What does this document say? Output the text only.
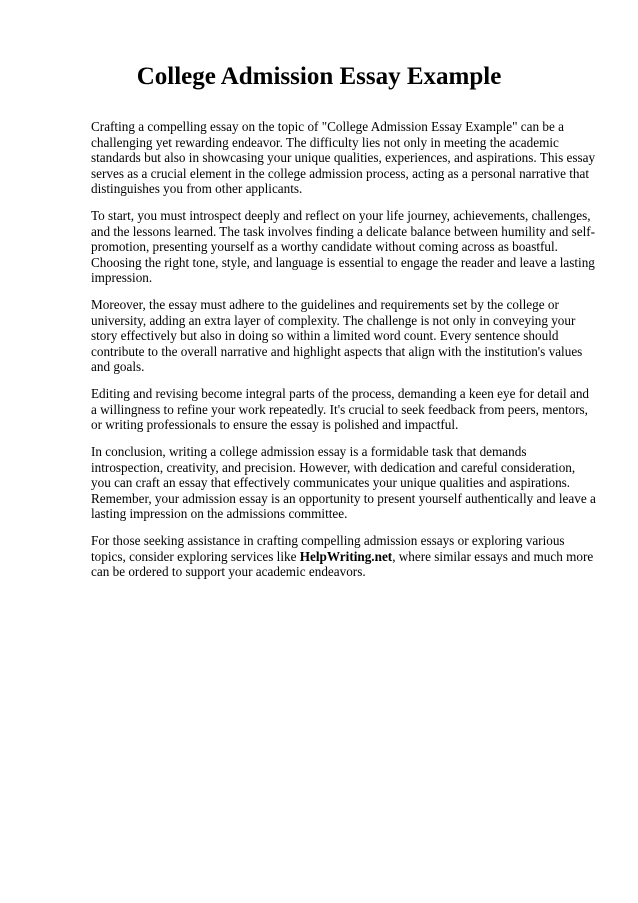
College Admission Essay Example

Crafting a compelling essay on the topic of "College Admission Essay Example" can be a challenging yet rewarding endeavor. The difficulty lies not only in meeting the academic standards but also in showcasing your unique qualities, experiences, and aspirations. This essay serves as a crucial element in the college admission process, acting as a personal narrative that distinguishes you from other applicants.

To start, you must introspect deeply and reflect on your life journey, achievements, challenges, and the lessons learned. The task involves finding a delicate balance between humility and self-promotion, presenting yourself as a worthy candidate without coming across as boastful. Choosing the right tone, style, and language is essential to engage the reader and leave a lasting impression.

Moreover, the essay must adhere to the guidelines and requirements set by the college or university, adding an extra layer of complexity. The challenge is not only in conveying your story effectively but also in doing so within a limited word count. Every sentence should contribute to the overall narrative and highlight aspects that align with the institution's values and goals.

Editing and revising become integral parts of the process, demanding a keen eye for detail and a willingness to refine your work repeatedly. It's crucial to seek feedback from peers, mentors, or writing professionals to ensure the essay is polished and impactful.

In conclusion, writing a college admission essay is a formidable task that demands introspection, creativity, and precision. However, with dedication and careful consideration, you can craft an essay that effectively communicates your unique qualities and aspirations. Remember, your admission essay is an opportunity to present yourself authentically and leave a lasting impression on the admissions committee.

For those seeking assistance in crafting compelling admission essays or exploring various topics, consider exploring services like HelpWriting.net, where similar essays and much more can be ordered to support your academic endeavors.
